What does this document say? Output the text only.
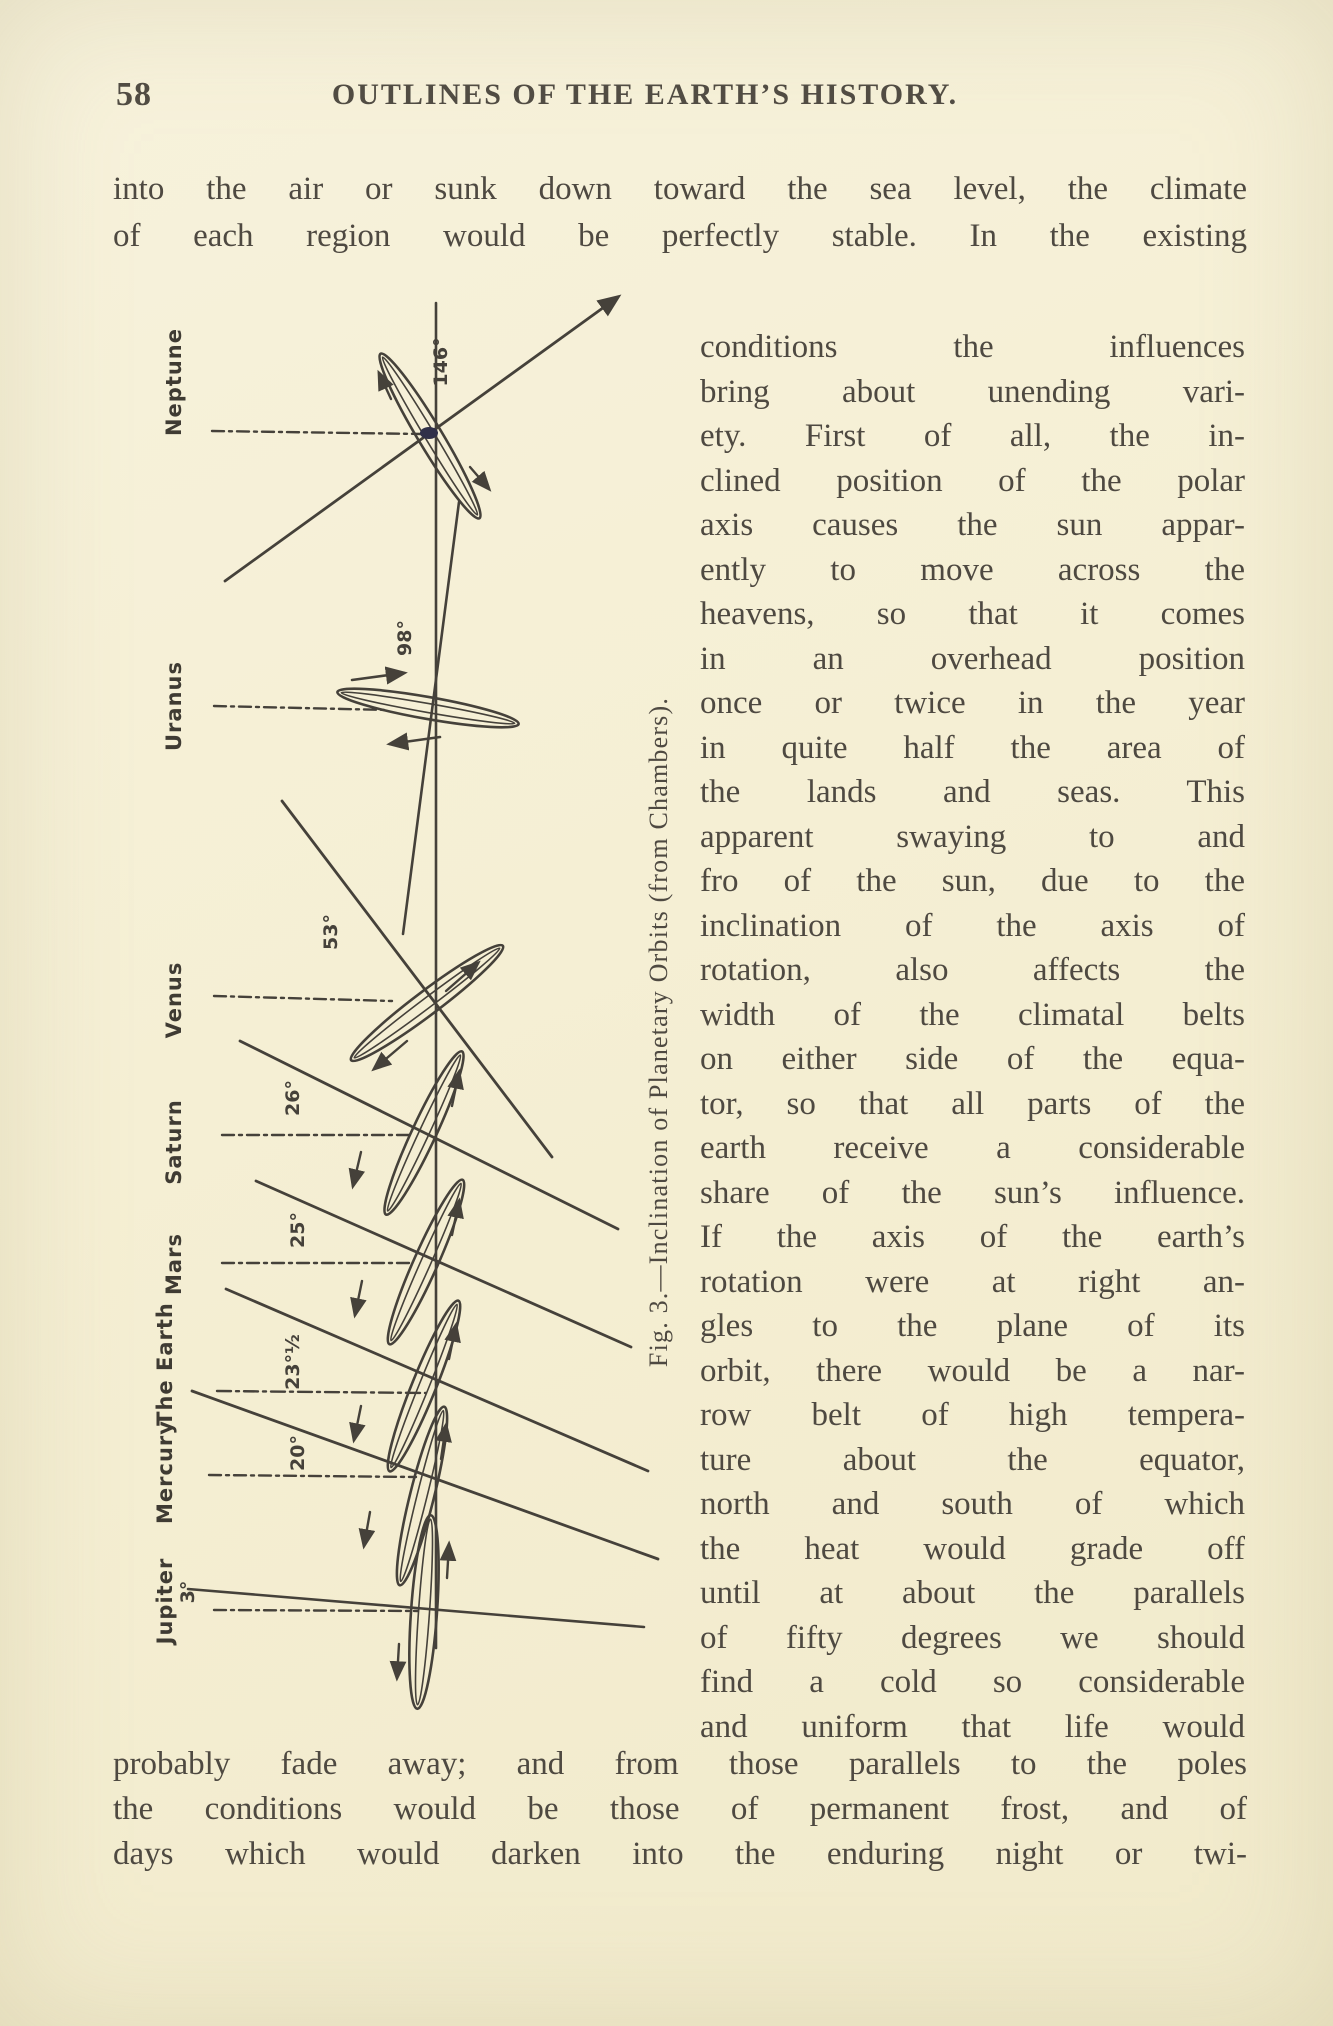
58	OUTLINES OF THE EARTH’S HISTORY.
into the air or sunk down toward the sea level, the climate
of each region would be perfectly stable. In the existing
conditions the influences
bring about unending vari-
ety. First of all, the in-
clined position of the polar
axis causes the sun appar-
ently to move across the
heavens, so that it comes
in an overhead position
once or twice in the year
in quite half the area of
the lands and seas. This
apparent swaying to and
fro of the sun, due to the
inclination of the axis of
rotation, also affects the
width of the climatal belts
on either side of the equa-
tor, so that all parts of the
earth receive a considerable
share of the sun’s influence.
If the axis of the earth’s
rotation were at right an-
gles to the plane of its
orbit, there would be a nar-
row belt of high tempera-
ture about the equator,
north and south of which
the heat would grade off
until at about the parallels
of fifty degrees we should
find a cold so considerable
and uniform that life would
probably fade away; and from those parallels to the poles
the conditions would be those of permanent frost, and of
days which would darken into the enduring night or twi-
Neptune	146°
Uranus
98°
Venus
53°
Saturn
26°
Mars
25°
The Earth	23°½
Mercury	20°
Jupiter 3°
Fig. 3.—Inclination of Planetary Orbits (from Chambers).
